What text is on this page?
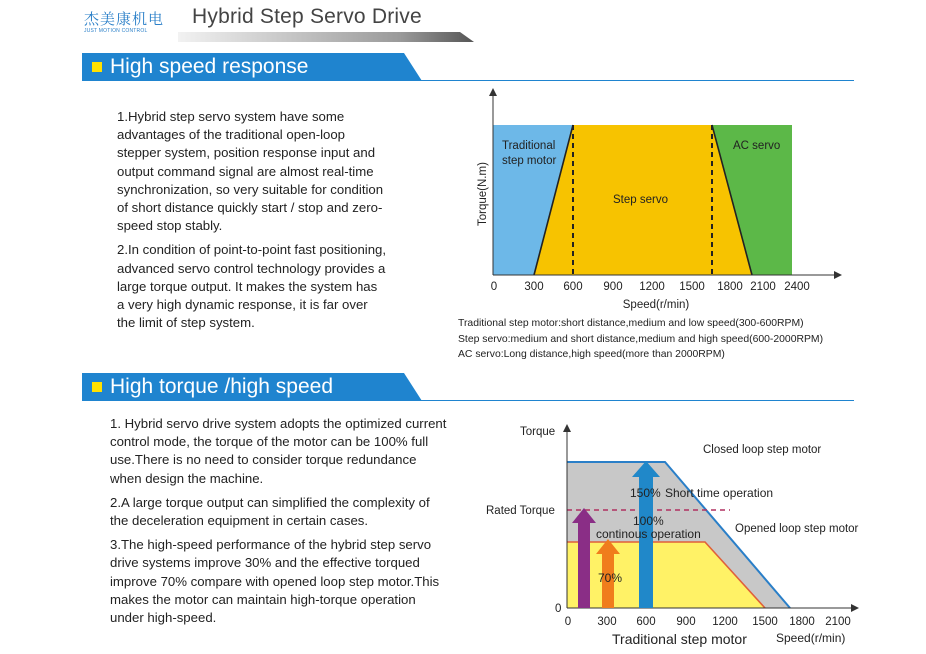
杰美康机电
JUST MOTION CONTROL
Hybrid Step Servo Drive
High speed response
1.Hybrid step servo system have some
advantages of the traditional open-loop
stepper system, position response input and
output command signal are almost real-time
synchronization, so very suitable for condition
of short distance quickly start / stop and zero-
speed stop stably.
2.In condition of point-to-point fast positioning,
advanced servo control technology provides a
large torque output. It makes the system has
a very high dynamic response, it is far over
the limit of step system.
Traditional
step motor
Step servo
AC servo
Torque(N.m)
0 300 600 900 1200 1500 1800 2100 2400
Speed(r/min)
Traditional step motor:short distance,medium and low speed(300-600RPM)
Step servo:medium and short distance,medium and high speed(600-2000RPM)
AC servo:Long distance,high speed(more than 2000RPM)
High torque /high speed
1. Hybrid servo drive system adopts the optimized current
control mode, the torque of the motor can be 100% full
use.There is no need to consider torque redundance
when design the machine.
2.A large torque output can simplified the complexity of
the deceleration equipment in certain cases.
3.The high-speed performance of the hybrid step servo
drive systems improve 30% and the effective torqued
improve 70% compare with opened loop step motor.This
makes the motor can maintain high-torque operation
under high-speed.
Torque
Rated Torque
0
Closed loop step motor
Opened loop step motor
150% Short time operation
100%
continous operation
70%
0 300 600 900 1200 1500 1800 2100
Traditional step motor Speed(r/min)
